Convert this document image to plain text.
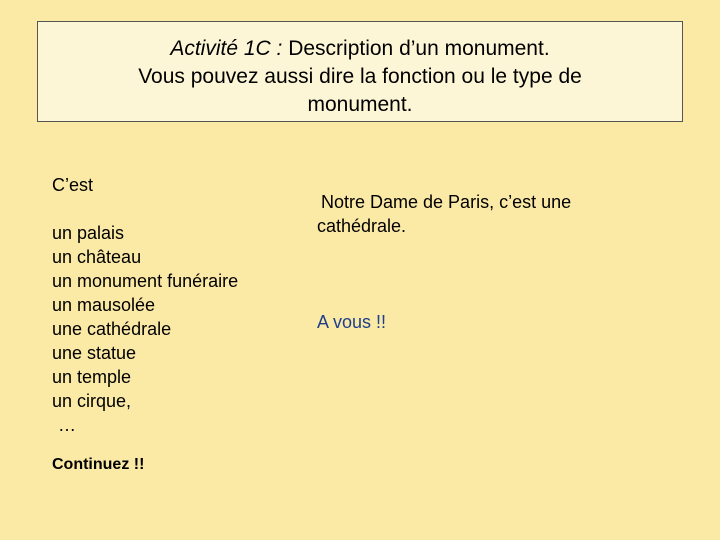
Activité 1C : Description d’un monument.
Vous pouvez aussi dire la fonction ou le type de
monument.
C’est
un palais
un château
un monument funéraire
un mausolée
une cathédrale
une statue
un temple
un cirque,
…
Continuez !!
Notre Dame de Paris, c’est une
cathédrale.
A vous !!
